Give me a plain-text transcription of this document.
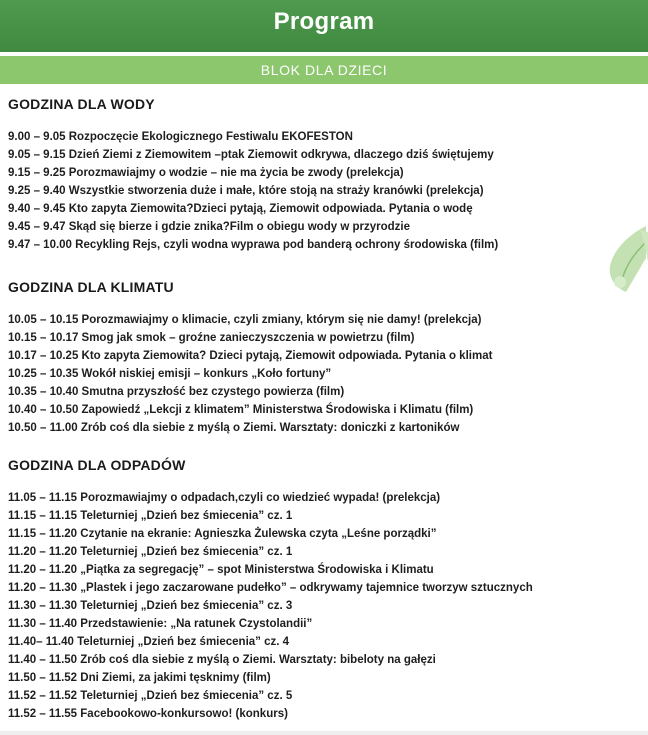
Program
BLOK DLA DZIECI
GODZINA DLA WODY
9.00 – 9.05 Rozpoczęcie Ekologicznego Festiwalu EKOFESTON
9.05 – 9.15 Dzień Ziemi z Ziemowitem –ptak Ziemowit odkrywa, dlaczego dziś świętujemy
9.15 – 9.25 Porozmawiajmy o wodzie – nie ma życia be zwody (prelekcja)
9.25 – 9.40 Wszystkie stworzenia duże i małe, które stoją na straży kranówki (prelekcja)
9.40 – 9.45 Kto zapyta Ziemowita?Dzieci pytają, Ziemowit odpowiada. Pytania o wodę
9.45 – 9.47 Skąd się bierze i gdzie znika?Film o obiegu wody w przyrodzie
9.47 – 10.00 Recykling Rejs, czyli wodna wyprawa pod banderą ochrony środowiska (film)
GODZINA DLA KLIMATU
10.05 – 10.15 Porozmawiajmy o klimacie, czyli zmiany, którym się nie damy! (prelekcja)
10.15 – 10.17 Smog jak smok – groźne zanieczyszczenia w powietrzu (film)
10.17 – 10.25 Kto zapyta Ziemowita? Dzieci pytają, Ziemowit odpowiada. Pytania o klimat
10.25 – 10.35 Wokół niskiej emisji – konkurs „Koło fortuny”
10.35 – 10.40 Smutna przyszłość bez czystego powierza (film)
10.40 – 10.50 Zapowiedź „Lekcji z klimatem” Ministerstwa Środowiska i Klimatu (film)
10.50 – 11.00 Zrób coś dla siebie z myślą o Ziemi. Warsztaty: doniczki z kartoników
GODZINA DLA ODPADÓW
11.05 – 11.15 Porozmawiajmy o odpadach,czyli co wiedzieć wypada! (prelekcja)
11.15 – 11.15 Teleturniej „Dzień bez śmiecenia” cz. 1
11.15 – 11.20 Czytanie na ekranie: Agnieszka Żulewska czyta „Leśne porządki”
11.20 – 11.20 Teleturniej „Dzień bez śmiecenia” cz. 1
11.20 – 11.20 „Piątka za segregację” – spot Ministerstwa Środowiska i Klimatu
11.20 – 11.30 „Plastek i jego zaczarowane pudełko” – odkrywamy tajemnice tworzyw sztucznych
11.30 – 11.30 Teleturniej „Dzień bez śmiecenia” cz. 3
11.30 – 11.40 Przedstawienie: „Na ratunek Czystolandii”
11.40– 11.40 Teleturniej „Dzień bez śmiecenia” cz. 4
11.40 – 11.50 Zrób coś dla siebie z myślą o Ziemi. Warsztaty: bibeloty na gałęzi
11.50 – 11.52 Dni Ziemi, za jakimi tęsknimy (film)
11.52 – 11.52 Teleturniej „Dzień bez śmiecenia” cz. 5
11.52 – 11.55 Facebookowo-konkursowo! (konkurs)
